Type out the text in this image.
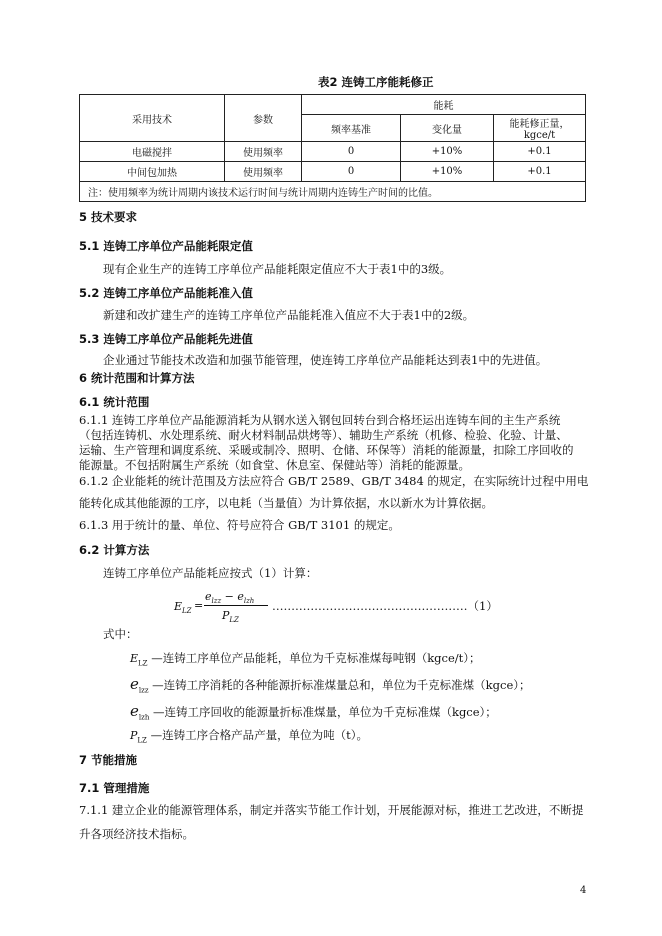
表2 连铸工序能耗修正
采用技术	参数	能耗		
		频率基准	变化量	能耗修正量，kgce/t
电磁搅拌	使用频率	0	+10%	+0.1
中间包加热	使用频率	0	+10%	+0.1
注：使用频率为统计周期内该技术运行时间与统计周期内连铸生产时间的比值。				
5 技术要求
5.1 连铸工序单位产品能耗限定值
现有企业生产的连铸工序单位产品能耗限定值应不大于表1中的3级。
5.2 连铸工序单位产品能耗准入值
新建和改扩建生产的连铸工序单位产品能耗准入值应不大于表1中的2级。
5.3 连铸工序单位产品能耗先进值
企业通过节能技术改造和加强节能管理，使连铸工序单位产品能耗达到表1中的先进值。
6 统计范围和计算方法
6.1 统计范围
6.1.1 连铸工序单位产品能源消耗为从钢水送入钢包回转台到合格坯运出连铸车间的主生产系统
（包括连铸机、水处理系统、耐火材料制品烘烤等）、辅助生产系统（机修、检验、化验、计量、
运输、生产管理和调度系统、采暖或制冷、照明、仓储、环保等）消耗的能源量，扣除工序回收的
能源量。不包括附属生产系统（如食堂、休息室、保健站等）消耗的能源量。
6.1.2 企业能耗的统计范围及方法应符合 GB/T 2589、GB/T 3484 的规定，在实际统计过程中用电
能转化成其他能源的工序，以电耗（当量值）为计算依据，水以新水为计算依据。
6.1.3 用于统计的量、单位、符号应符合 GB/T 3101 的规定。
6.2 计算方法
连铸工序单位产品能耗应按式（1）计算：
$E_{LZ}$ =
$e_{lzz} - e_{lzh}$
$P_{LZ}$
……………………………………………（1）
式中：
$E_{LZ}$ —连铸工序单位产品能耗，单位为千克标准煤每吨钢（kgce/t）；
$e_{lzz}$ —连铸工序消耗的各种能源折标准煤量总和，单位为千克标准煤（kgce）；
$e_{lzh}$ —连铸工序回收的能源量折标准煤量，单位为千克标准煤（kgce）；
$P_{LZ}$ —连铸工序合格产品产量，单位为吨（t）。
7 节能措施
7.1 管理措施
7.1.1 建立企业的能源管理体系，制定并落实节能工作计划，开展能源对标，推进工艺改进，不断提
升各项经济技术指标。
4
